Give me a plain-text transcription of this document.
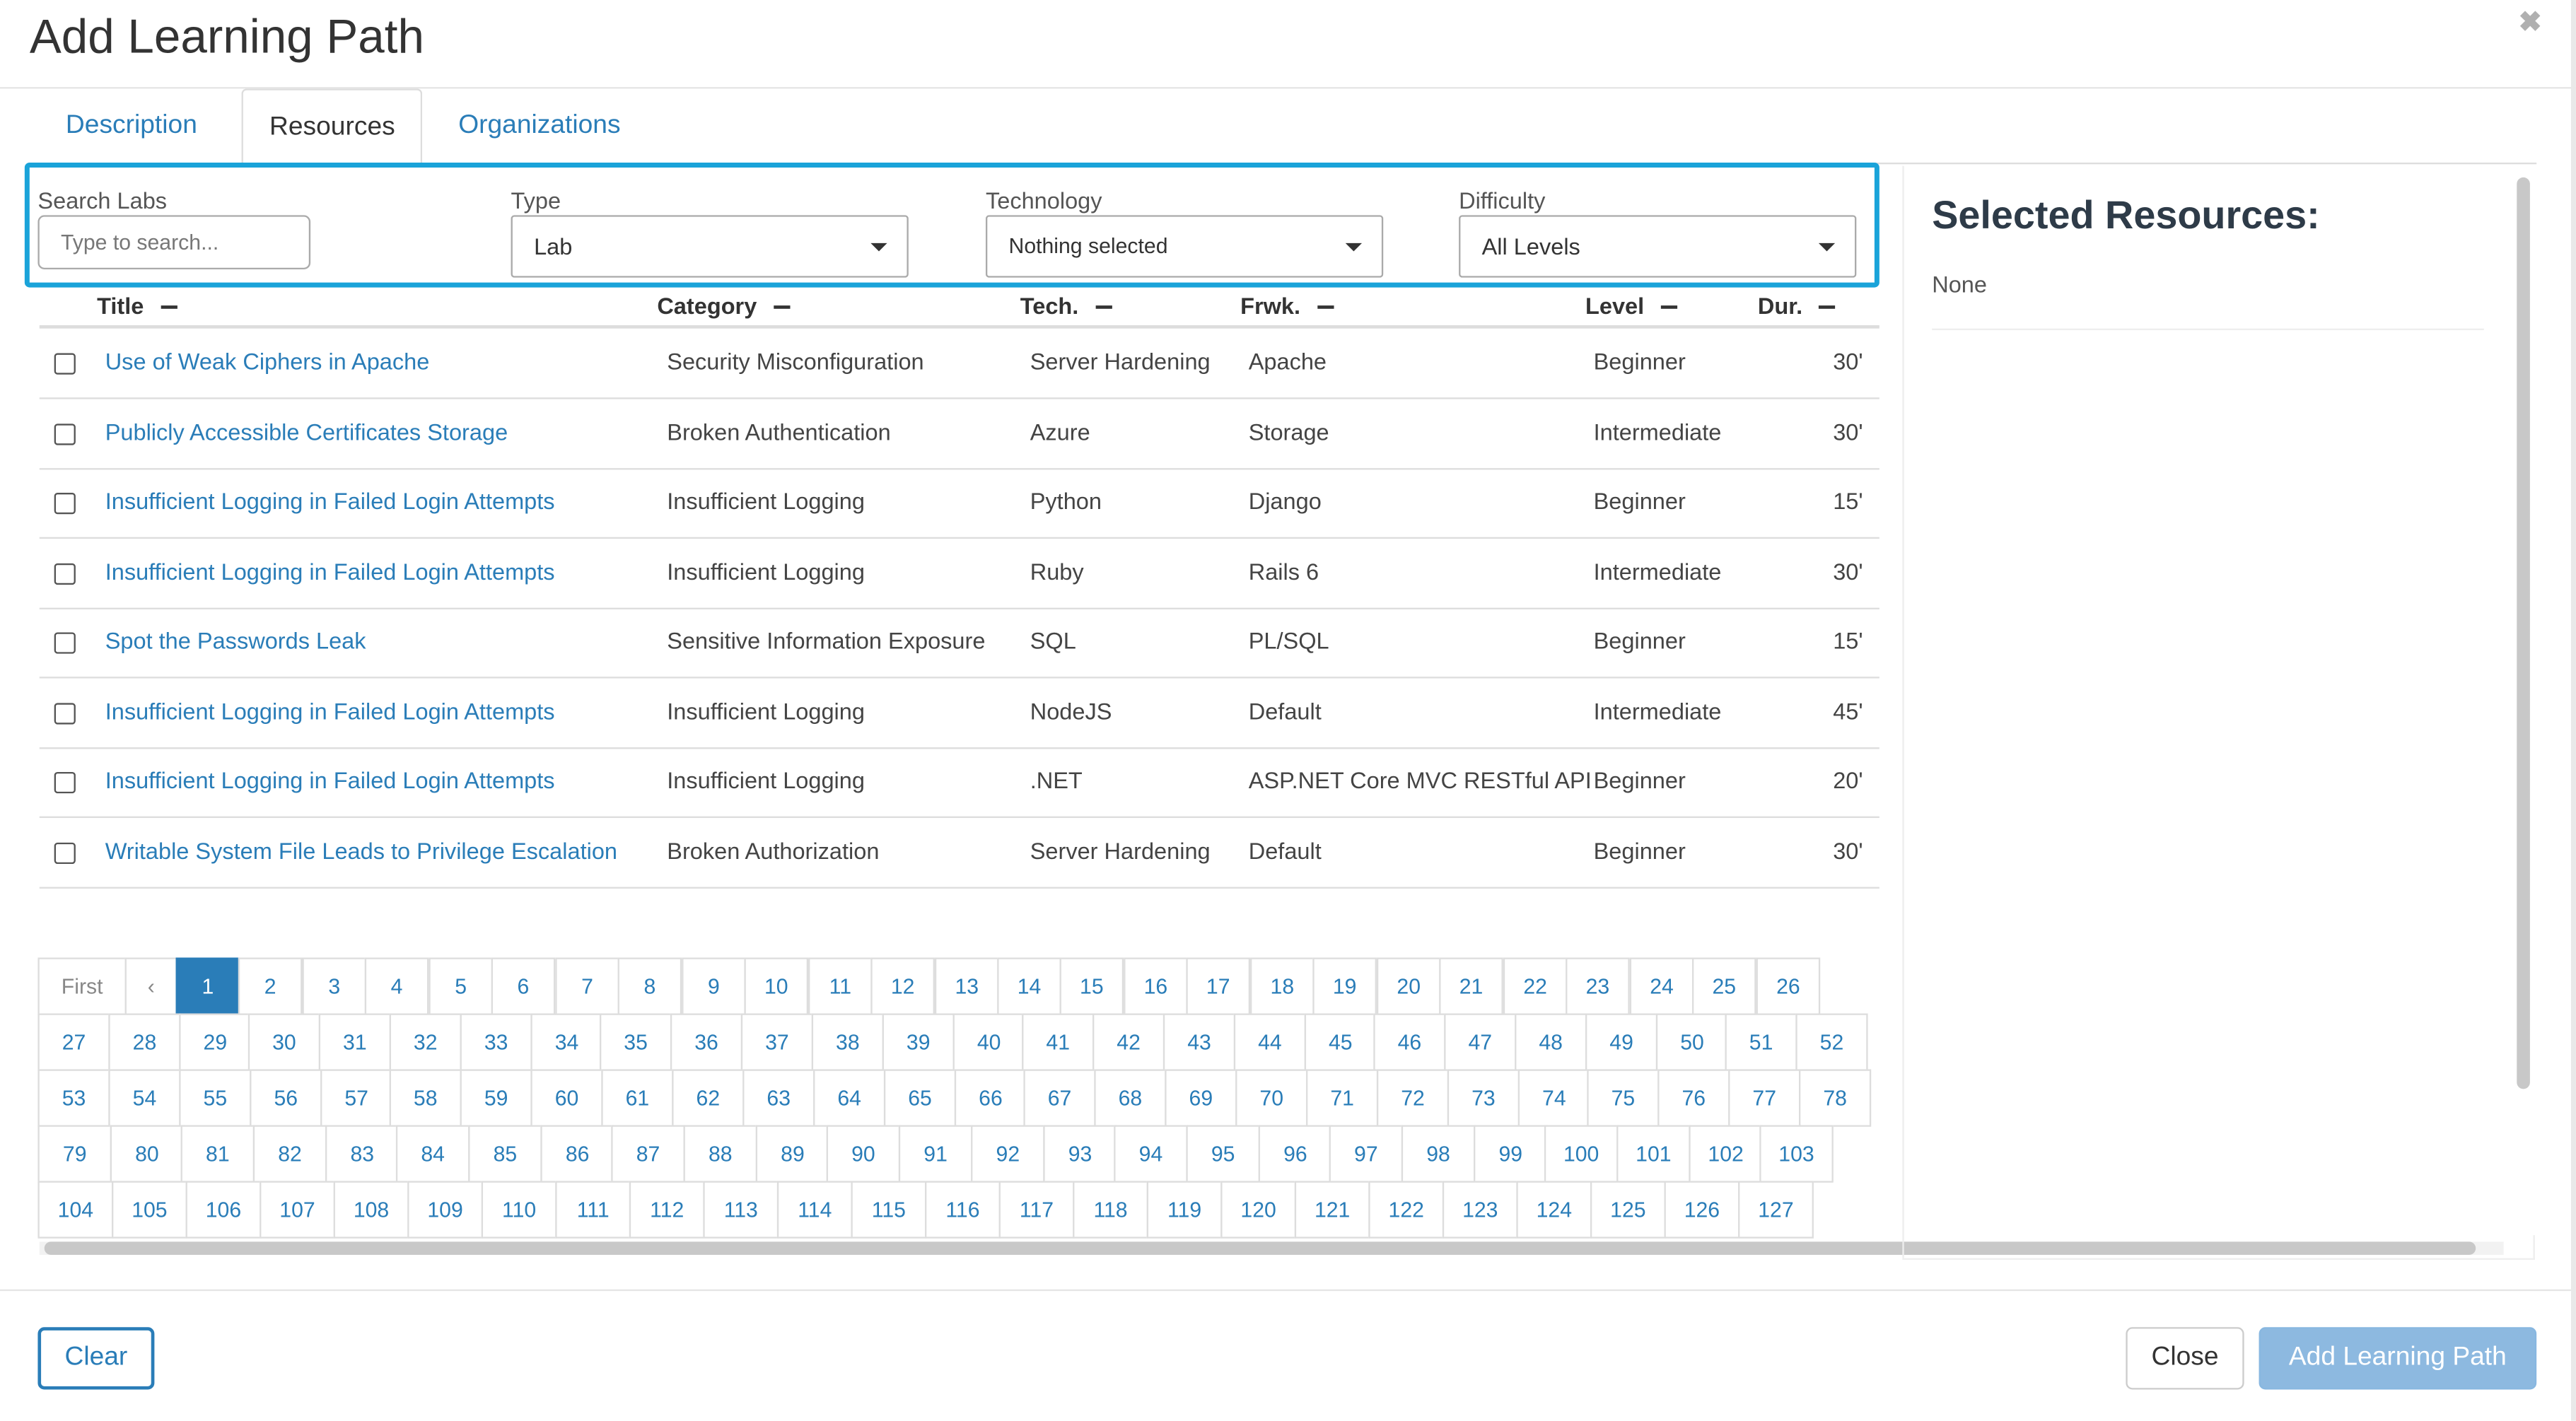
Add Learning Path	✖
Description	Resources	Organizations
Search Labs
Type to search...	Type
Lab
Technology
Nothing selected
Difficulty
All Levels
Title	Category	Tech.	Frwk.	Level	Dur.
Use of Weak Ciphers in Apache	Security Misconfiguration	Server Hardening	Apache	Beginner	30'
Publicly Accessible Certificates Storage	Broken Authentication	Azure	Storage	Intermediate	30'
Insufficient Logging in Failed Login Attempts	Insufficient Logging	Python	Django	Beginner	15'
Insufficient Logging in Failed Login Attempts	Insufficient Logging	Ruby	Rails 6	Intermediate	30'
Spot the Passwords Leak	Sensitive Information Exposure	SQL	PL/SQL	Beginner	15'
Insufficient Logging in Failed Login Attempts	Insufficient Logging	NodeJS	Default	Intermediate	45'
Insufficient Logging in Failed Login Attempts	Insufficient Logging	.NET	ASP.NET Core MVC RESTful API Beginner	20'
Writable System File Leads to Privilege Escalation	Broken Authorization	Server Hardening	Default	Beginner	30'
First	‹	1	2	3	4	5	6	7	8	9	10	11	12	13	14	15	16	17	18	19	20	21	22	23	24	25	26
27	28	29	30	31	32	33	34	35	36	37	38	39	40	41	42	43	44	45	46	47	48	49	50	51	52
53	54	55	56	57	58	59	60	61	62	63	64	65	66	67	68	69	70	71	72	73	74	75	76	77	78
79	80	81	82	83	84	85	86	87	88	89	90	91	92	93	94	95	96	97	98	99	100	101	102	103
104	105	106	107	108	109	110	111	112	113	114	115	116	117	118	119	120	121	122	123	124	125	126	127
Selected Resources:
None
Clear	Close	Add Learning Path
